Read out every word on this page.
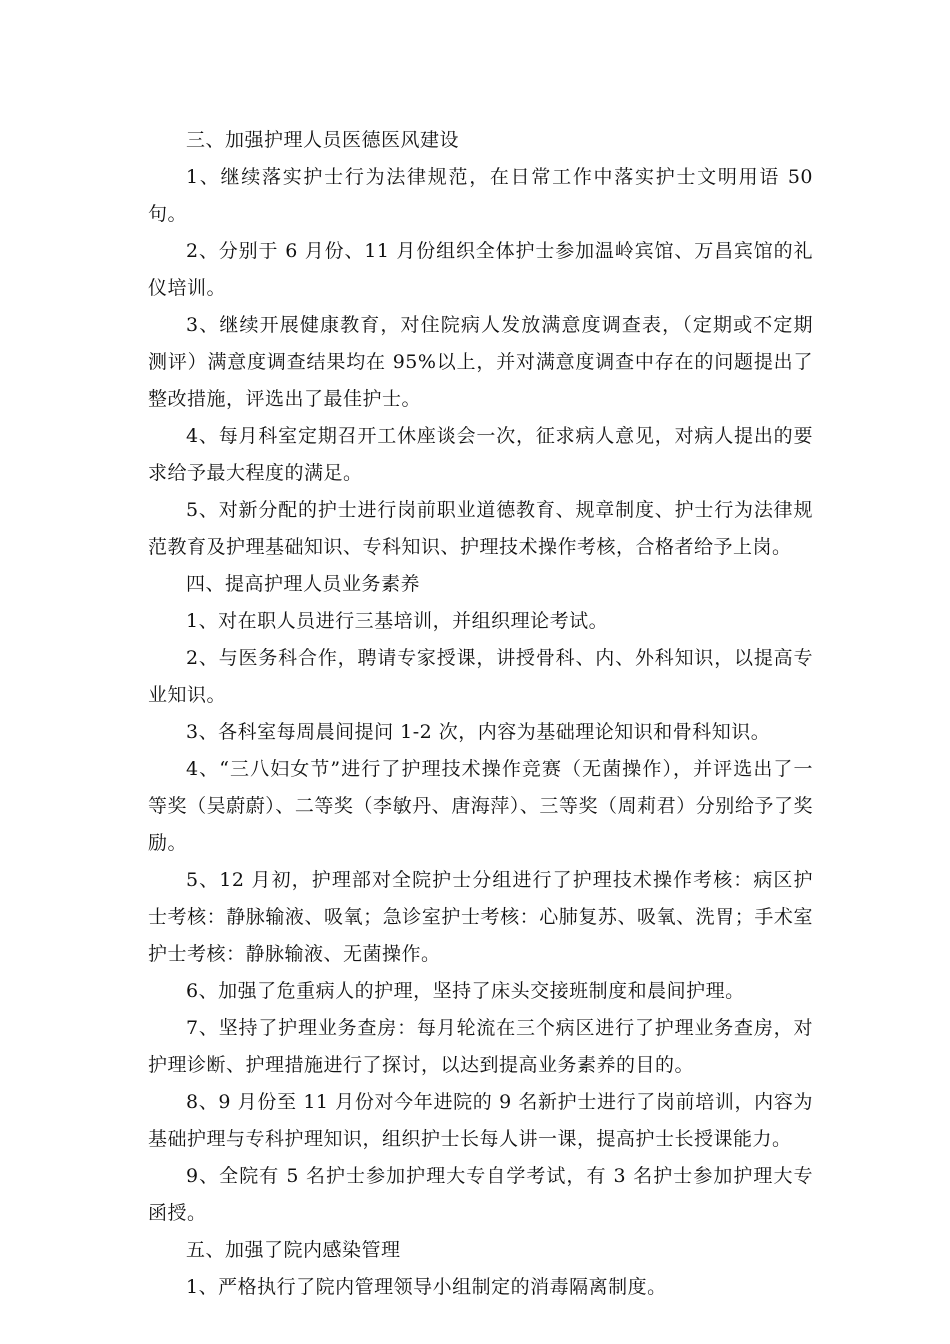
三、加强护理人员医德医风建设

1、继续落实护士行为法律规范，在日常工作中落实护士文明用语 50 句。

2、分别于 6 月份、11 月份组织全体护士参加温岭宾馆、万昌宾馆的礼仪培训。

3、继续开展健康教育，对住院病人发放满意度调查表，（定期或不定期测评）满意度调查结果均在 95%以上，并对满意度调查中存在的问题提出了整改措施，评选出了最佳护士。

4、每月科室定期召开工休座谈会一次，征求病人意见，对病人提出的要求给予最大程度的满足。

5、对新分配的护士进行岗前职业道德教育、规章制度、护士行为法律规范教育及护理基础知识、专科知识、护理技术操作考核，合格者给予上岗。

四、提高护理人员业务素养

1、对在职人员进行三基培训，并组织理论考试。

2、与医务科合作，聘请专家授课，讲授骨科、内、外科知识，以提高专业知识。

3、各科室每周晨间提问 1-2 次，内容为基础理论知识和骨科知识。

4、“三八妇女节”进行了护理技术操作竞赛（无菌操作），并评选出了一等奖（吴蔚蔚）、二等奖（李敏丹、唐海萍）、三等奖（周莉君）分别给予了奖励。

5、12 月初，护理部对全院护士分组进行了护理技术操作考核：病区护士考核：静脉输液、吸氧；急诊室护士考核：心肺复苏、吸氧、洗胃；手术室护士考核：静脉输液、无菌操作。

6、加强了危重病人的护理，坚持了床头交接班制度和晨间护理。

7、坚持了护理业务查房：每月轮流在三个病区进行了护理业务查房，对护理诊断、护理措施进行了探讨，以达到提高业务素养的目的。

8、9 月份至 11 月份对今年进院的 9 名新护士进行了岗前培训，内容为基础护理与专科护理知识，组织护士长每人讲一课，提高护士长授课能力。

9、全院有 5 名护士参加护理大专自学考试，有 3 名护士参加护理大专函授。

五、加强了院内感染管理

1、严格执行了院内管理领导小组制定的消毒隔离制度。
